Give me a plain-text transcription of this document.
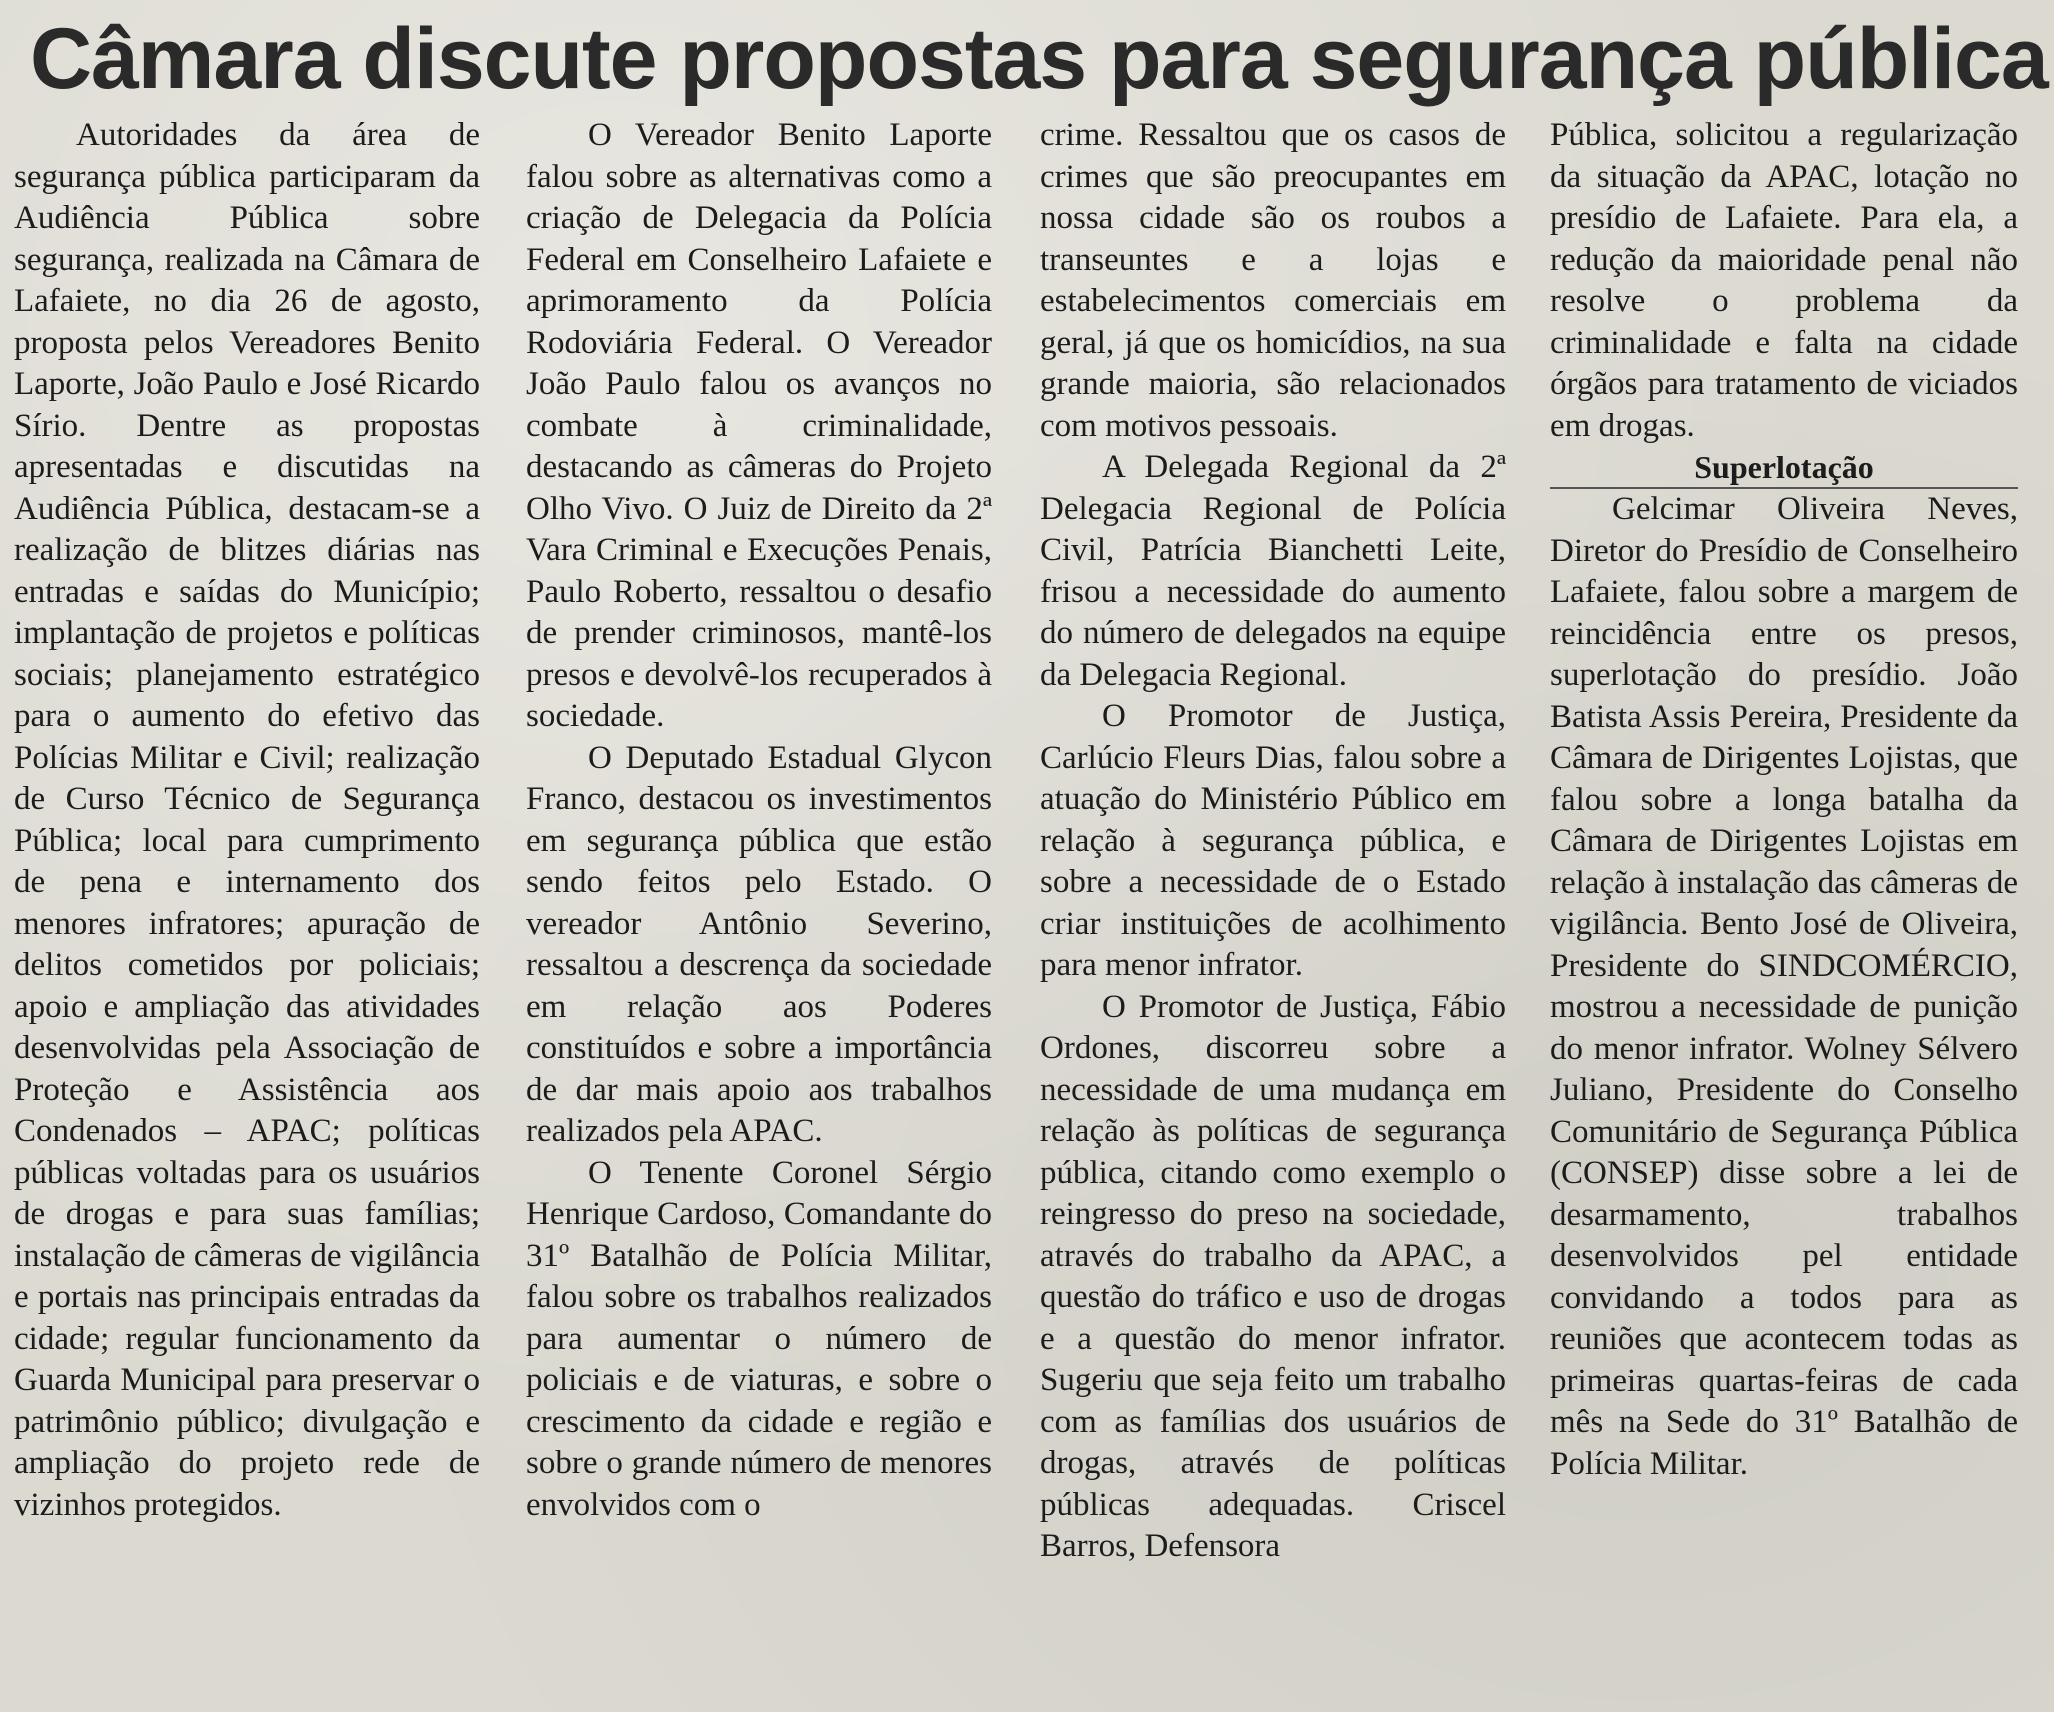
Câmara discute propostas para segurança pública

Autoridades da área de segurança pública participaram da Audiência Pública sobre segurança, realizada na Câmara de Lafaiete, no dia 26 de agosto, proposta pelos Vereadores Benito Laporte, João Paulo e José Ricardo Sírio. Dentre as propostas apresentadas e discutidas na Audiência Pública, destacam-se a realização de blitzes diárias nas entradas e saídas do Município; implantação de projetos e políticas sociais; planejamento estratégico para o aumento do efetivo das Polícias Militar e Civil; realização de Curso Técnico de Segurança Pública; local para cumprimento de pena e internamento dos menores infratores; apuração de delitos cometidos por policiais; apoio e ampliação das atividades desenvolvidas pela Associação de Proteção e Assistência aos Condenados – APAC; políticas públicas voltadas para os usuários de drogas e para suas famílias; instalação de câmeras de vigilância e portais nas principais entradas da cidade; regular funcionamento da Guarda Municipal para preservar o patrimônio público; divulgação e ampliação do projeto rede de vizinhos protegidos.

O Vereador Benito Laporte falou sobre as alternativas como a criação de Delegacia da Polícia Federal em Conselheiro Lafaiete e aprimoramento da Polícia Rodoviária Federal. O Vereador João Paulo falou os avanços no combate à criminalidade, destacando as câmeras do Projeto Olho Vivo. O Juiz de Direito da 2ª Vara Criminal e Execuções Penais, Paulo Roberto, ressaltou o desafio de prender criminosos, mantê-los presos e devolvê-los recuperados à sociedade.

O Deputado Estadual Glycon Franco, destacou os investimentos em segurança pública que estão sendo feitos pelo Estado. O vereador Antônio Severino, ressaltou a descrença da sociedade em relação aos Poderes constituídos e sobre a importância de dar mais apoio aos trabalhos realizados pela APAC.

O Tenente Coronel Sérgio Henrique Cardoso, Comandante do 31º Batalhão de Polícia Militar, falou sobre os trabalhos realizados para aumentar o número de policiais e de viaturas, e sobre o crescimento da cidade e região e sobre o grande número de menores envolvidos com o

crime. Ressaltou que os casos de crimes que são preocupantes em nossa cidade são os roubos a transeuntes e a lojas e estabelecimentos comerciais em geral, já que os homicídios, na sua grande maioria, são relacionados com motivos pessoais.

A Delegada Regional da 2ª Delegacia Regional de Polícia Civil, Patrícia Bianchetti Leite, frisou a necessidade do aumento do número de delegados na equipe da Delegacia Regional.

O Promotor de Justiça, Carlúcio Fleurs Dias, falou sobre a atuação do Ministério Público em relação à segurança pública, e sobre a necessidade de o Estado criar instituições de acolhimento para menor infrator.

O Promotor de Justiça, Fábio Ordones, discorreu sobre a necessidade de uma mudança em relação às políticas de segurança pública, citando como exemplo o reingresso do preso na sociedade, através do trabalho da APAC, a questão do tráfico e uso de drogas e a questão do menor infrator. Sugeriu que seja feito um trabalho com as famílias dos usuários de drogas, através de políticas públicas adequadas. Criscel Barros, Defensora

Pública, solicitou a regularização da situação da APAC, lotação no presídio de Lafaiete. Para ela, a redução da maioridade penal não resolve o problema da criminalidade e falta na cidade órgãos para tratamento de viciados em drogas.

Superlotação

Gelcimar Oliveira Neves, Diretor do Presídio de Conselheiro Lafaiete, falou sobre a margem de reincidência entre os presos, superlotação do presídio. João Batista Assis Pereira, Presidente da Câmara de Dirigentes Lojistas, que falou sobre a longa batalha da Câmara de Dirigentes Lojistas em relação à instalação das câmeras de vigilância. Bento José de Oliveira, Presidente do SINDCOMÉRCIO, mostrou a necessidade de punição do menor infrator. Wolney Sélvero Juliano, Presidente do Conselho Comunitário de Segurança Pública (CONSEP) disse sobre a lei de desarmamento, trabalhos desenvolvidos pel entidade convidando a todos para as reuniões que acontecem todas as primeiras quartas-feiras de cada mês na Sede do 31º Batalhão de Polícia Militar.
